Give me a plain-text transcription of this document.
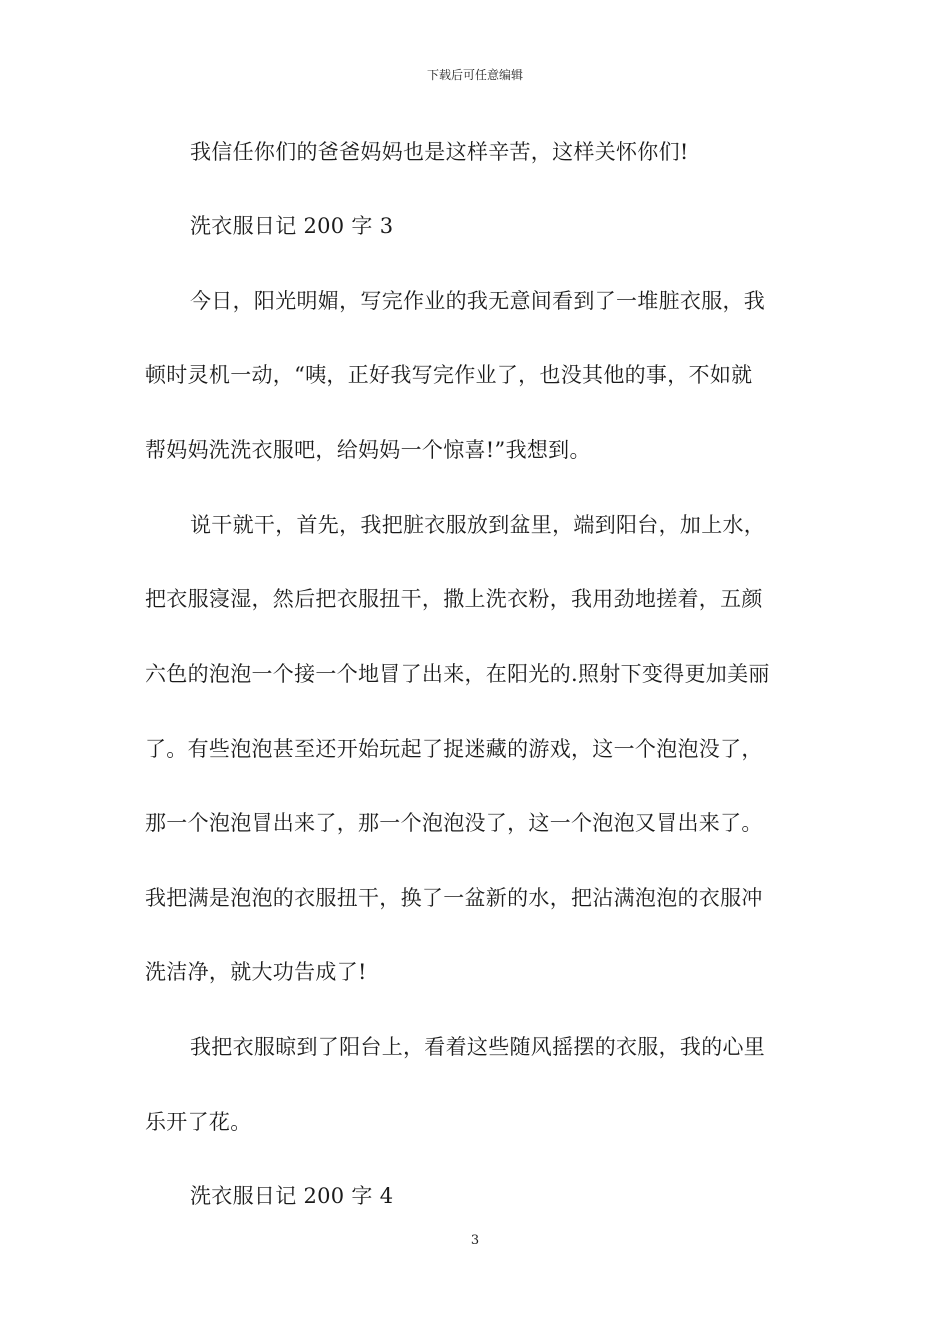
下载后可任意编辑
我信任你们的爸爸妈妈也是这样辛苦，这样关怀你们!
洗衣服日记 200 字 3
今日，阳光明媚，写完作业的我无意间看到了一堆脏衣服，我
顿时灵机一动，“咦，正好我写完作业了，也没其他的事，不如就
帮妈妈洗洗衣服吧，给妈妈一个惊喜!”我想到。
说干就干，首先，我把脏衣服放到盆里，端到阳台，加上水，
把衣服寖湿，然后把衣服扭干，撒上洗衣粉，我用劲地搓着，五颜
六色的泡泡一个接一个地冒了出来，在阳光的.照射下变得更加美丽
了。有些泡泡甚至还开始玩起了捉迷藏的游戏，这一个泡泡没了，
那一个泡泡冒出来了，那一个泡泡没了，这一个泡泡又冒出来了。
我把满是泡泡的衣服扭干，换了一盆新的水，把沾满泡泡的衣服冲
洗洁净，就大功告成了!
我把衣服晾到了阳台上，看着这些随风摇摆的衣服，我的心里
乐开了花。
洗衣服日记 200 字 4
3
